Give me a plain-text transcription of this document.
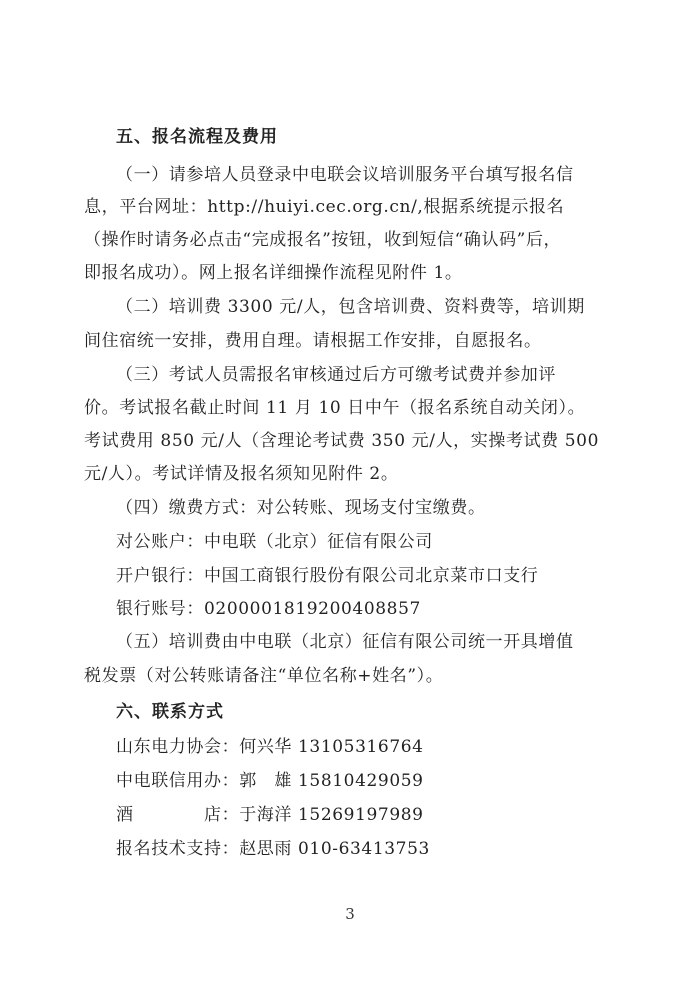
五、报名流程及费用
（一）请参培人员登录中电联会议培训服务平台填写报名信
息，平台网址：http://huiyi.cec.org.cn/,根据系统提示报名
（操作时请务必点击“完成报名”按钮，收到短信“确认码”后，
即报名成功）。网上报名详细操作流程见附件 1。
（二）培训费 3300 元/人，包含培训费、资料费等，培训期
间住宿统一安排，费用自理。请根据工作安排，自愿报名。
（三）考试人员需报名审核通过后方可缴考试费并参加评
价。考试报名截止时间 11 月 10 日中午（报名系统自动关闭）。
考试费用 850 元/人（含理论考试费 350 元/人，实操考试费 500
元/人）。考试详情及报名须知见附件 2。
（四）缴费方式：对公转账、现场支付宝缴费。
对公账户：中电联（北京）征信有限公司
开户银行：中国工商银行股份有限公司北京菜市口支行
银行账号：0200001819200408857
（五）培训费由中电联（北京）征信有限公司统一开具增值
税发票（对公转账请备注“单位名称+姓名”）。
六、联系方式
山东电力协会：何兴华 13105316764
中电联信用办：郭　雄 15810429059
酒　　　　店：于海洋 15269197989
报名技术支持：赵思雨 010-63413753
3
